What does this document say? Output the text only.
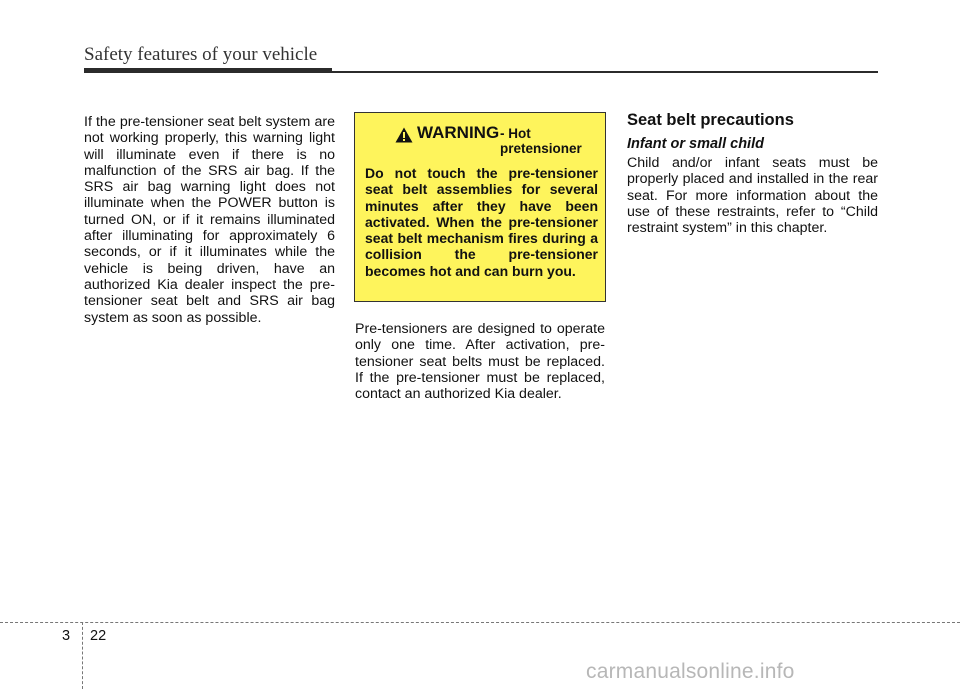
Safety features of your vehicle

If the pre-tensioner seat belt system are not working properly, this warning light will illuminate even if there is no malfunction of the SRS air bag. If the SRS air bag warning light does not illuminate when the POWER button is turned ON, or if it remains illuminated after illuminating for approximately 6 seconds, or if it illuminates while the vehicle is being driven, have an authorized Kia dealer inspect the pre-tensioner seat belt and SRS air bag system as soon as possible.

WARNING - Hot pretensioner

Do not touch the pre-tensioner seat belt assemblies for several minutes after they have been activated. When the pre-tensioner seat belt mechanism fires during a collision the pre-tensioner becomes hot and can burn you.

Pre-tensioners are designed to operate only one time. After activation, pre-tensioner seat belts must be replaced. If the pre-tensioner must be replaced, contact an authorized Kia dealer.

Seat belt precautions
Infant or small child

Child and/or infant seats must be properly placed and installed in the rear seat. For more information about the use of these restraints, refer to “Child restraint system” in this chapter.

3 22
carmanualsonline.info
